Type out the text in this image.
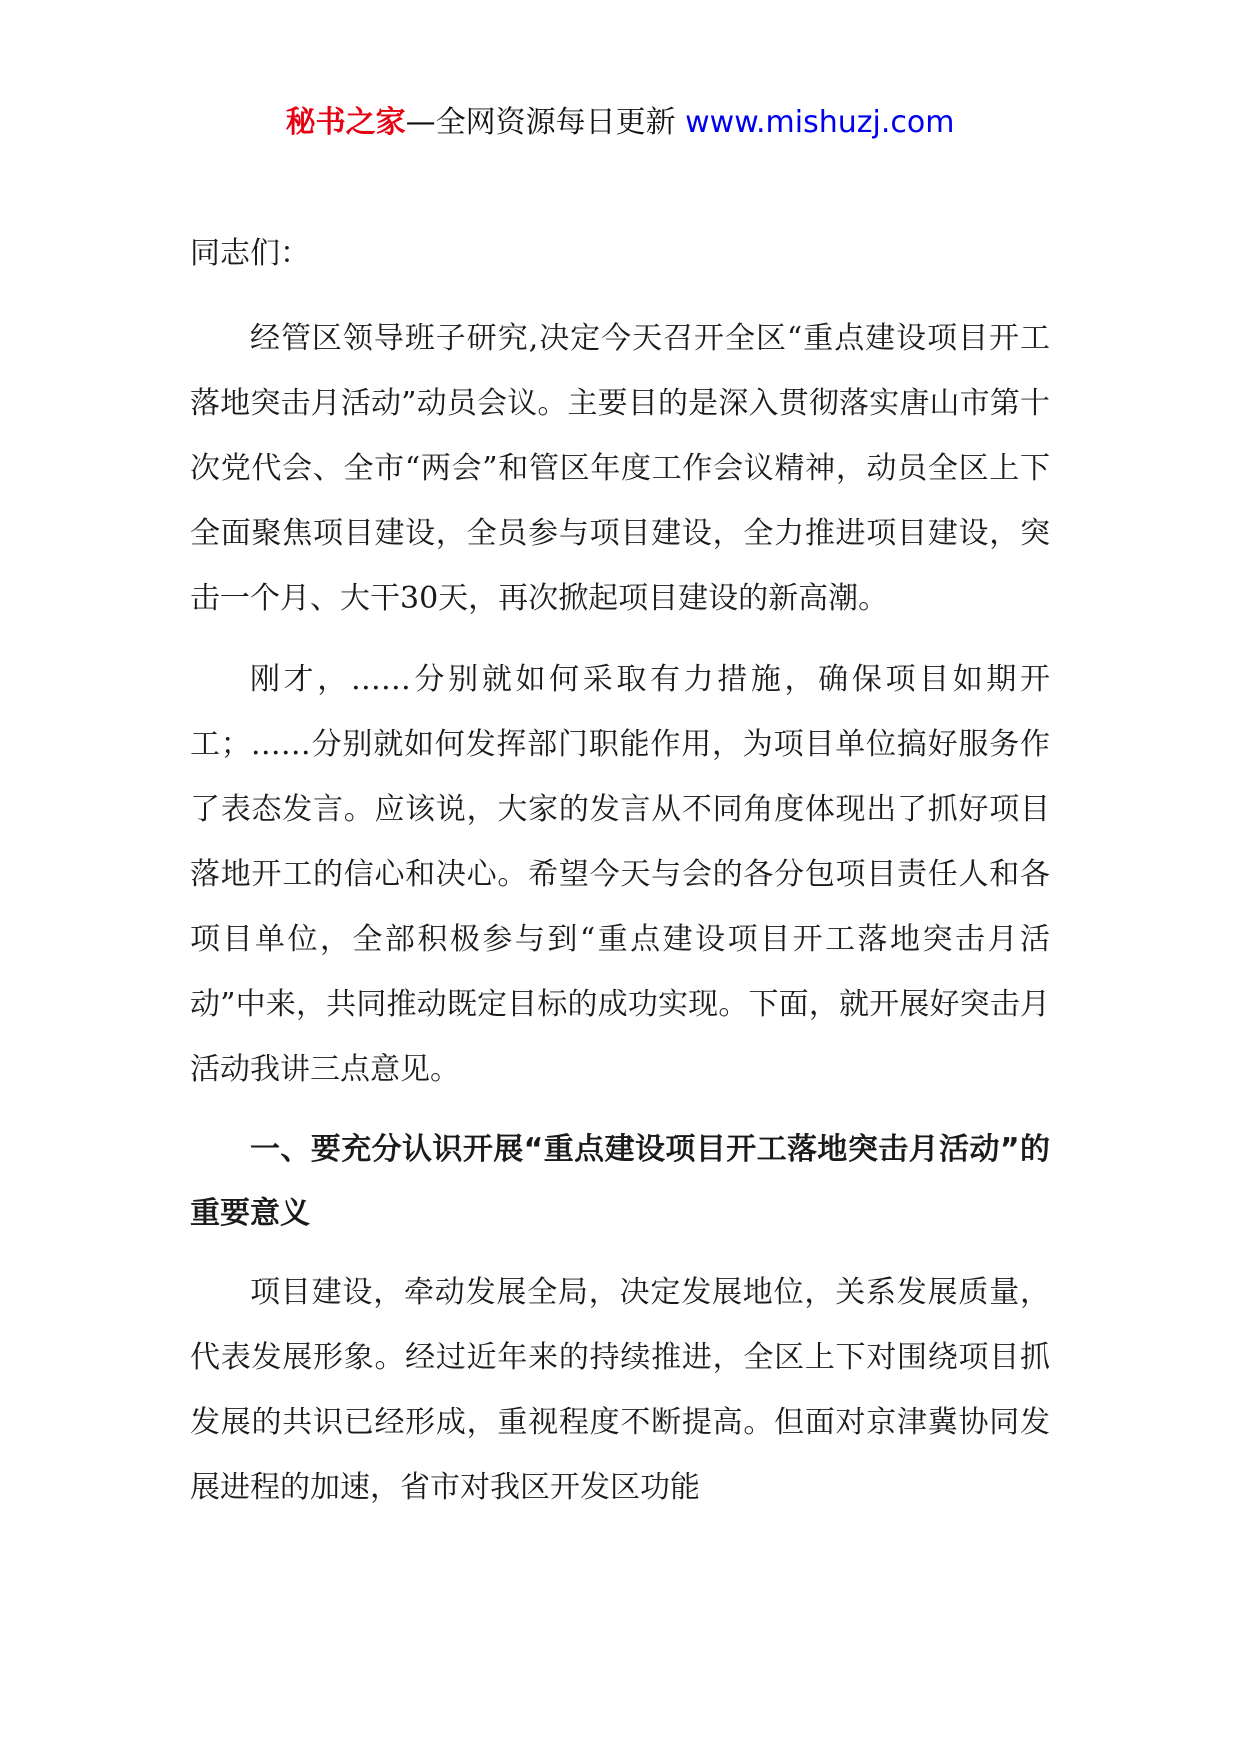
秘书之家—全网资源每日更新 www.mishuzj.com

同志们：

经管区领导班子研究,决定今天召开全区“重点建设项目开工落地突击月活动”动员会议。主要目的是深入贯彻落实唐山市第十次党代会、全市“两会”和管区年度工作会议精神，动员全区上下全面聚焦项目建设，全员参与项目建设，全力推进项目建设，突击一个月、大干30天，再次掀起项目建设的新高潮。

刚才，……分别就如何采取有力措施，确保项目如期开工；……分别就如何发挥部门职能作用，为项目单位搞好服务作了表态发言。应该说，大家的发言从不同角度体现出了抓好项目落地开工的信心和决心。希望今天与会的各分包项目责任人和各项目单位，全部积极参与到“重点建设项目开工落地突击月活动”中来，共同推动既定目标的成功实现。下面，就开展好突击月活动我讲三点意见。

一、要充分认识开展“重点建设项目开工落地突击月活动”的重要意义

项目建设，牵动发展全局，决定发展地位，关系发展质量，代表发展形象。经过近年来的持续推进，全区上下对围绕项目抓发展的共识已经形成，重视程度不断提高。但面对京津冀协同发展进程的加速，省市对我区开发区功能
